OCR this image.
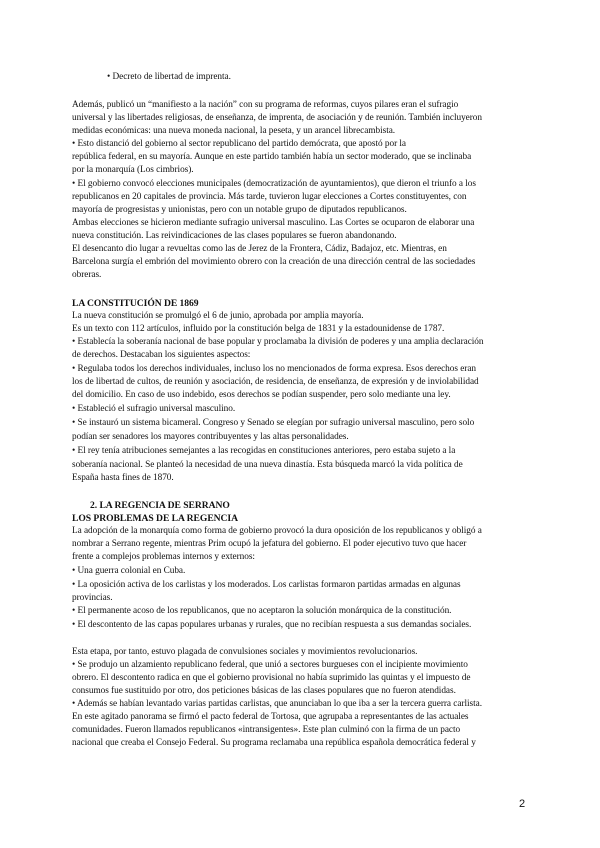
• Decreto de libertad de imprenta.
Además, publicó un “manifiesto a la nación” con su programa de reformas, cuyos pilares eran el sufragio
universal y las libertades religiosas, de enseñanza, de imprenta, de asociación y de reunión. También incluyeron
medidas económicas: una nueva moneda nacional, la peseta, y un arancel librecambista.
• Esto distanció del gobierno al sector republicano del partido demócrata, que apostó por la
república federal, en su mayoría. Aunque en este partido también había un sector moderado, que se inclinaba
por la monarquía (Los cimbrios).
• El gobierno convocó elecciones municipales (democratización de ayuntamientos), que dieron el triunfo a los
republicanos en 20 capitales de provincia. Más tarde, tuvieron lugar elecciones a Cortes constituyentes, con
mayoría de progresistas y unionistas, pero con un notable grupo de diputados republicanos.
Ambas elecciones se hicieron mediante sufragio universal masculino. Las Cortes se ocuparon de elaborar una
nueva constitución. Las reivindicaciones de las clases populares se fueron abandonando.
El desencanto dio lugar a revueltas como las de Jerez de la Frontera, Cádiz, Badajoz, etc. Mientras, en
Barcelona surgía el embrión del movimiento obrero con la creación de una dirección central de las sociedades
obreras.
LA CONSTITUCIÓN DE 1869
La nueva constitución se promulgó el 6 de junio, aprobada por amplia mayoría.
Es un texto con 112 artículos, influido por la constitución belga de 1831 y la estadounidense de 1787.
• Establecía la soberanía nacional de base popular y proclamaba la división de poderes y una amplia declaración
de derechos. Destacaban los siguientes aspectos:
• Regulaba todos los derechos individuales, incluso los no mencionados de forma expresa. Esos derechos eran
los de libertad de cultos, de reunión y asociación, de residencia, de enseñanza, de expresión y de inviolabilidad
del domicilio. En caso de uso indebido, esos derechos se podían suspender, pero solo mediante una ley.
• Estableció el sufragio universal masculino.
• Se instauró un sistema bicameral. Congreso y Senado se elegían por sufragio universal masculino, pero solo
podían ser senadores los mayores contribuyentes y las altas personalidades.
• El rey tenía atribuciones semejantes a las recogidas en constituciones anteriores, pero estaba sujeto a la
soberanía nacional. Se planteó la necesidad de una nueva dinastía. Esta búsqueda marcó la vida política de
España hasta fines de 1870.
2. LA REGENCIA DE SERRANO
LOS PROBLEMAS DE LA REGENCIA
La adopción de la monarquía como forma de gobierno provocó la dura oposición de los republicanos y obligó a
nombrar a Serrano regente, mientras Prim ocupó la jefatura del gobierno. El poder ejecutivo tuvo que hacer
frente a complejos problemas internos y externos:
• Una guerra colonial en Cuba.
• La oposición activa de los carlistas y los moderados. Los carlistas formaron partidas armadas en algunas
provincias.
• El permanente acoso de los republicanos, que no aceptaron la solución monárquica de la constitución.
• El descontento de las capas populares urbanas y rurales, que no recibían respuesta a sus demandas sociales.
Esta etapa, por tanto, estuvo plagada de convulsiones sociales y movimientos revolucionarios.
• Se produjo un alzamiento republicano federal, que unió a sectores burgueses con el incipiente movimiento
obrero. El descontento radica en que el gobierno provisional no había suprimido las quintas y el impuesto de
consumos fue sustituido por otro, dos peticiones básicas de las clases populares que no fueron atendidas.
• Además se habían levantado varias partidas carlistas, que anunciaban lo que iba a ser la tercera guerra carlista.
En este agitado panorama se firmó el pacto federal de Tortosa, que agrupaba a representantes de las actuales
comunidades. Fueron llamados republicanos «intransigentes». Este plan culminó con la firma de un pacto
nacional que creaba el Consejo Federal. Su programa reclamaba una república española democrática federal y
2
